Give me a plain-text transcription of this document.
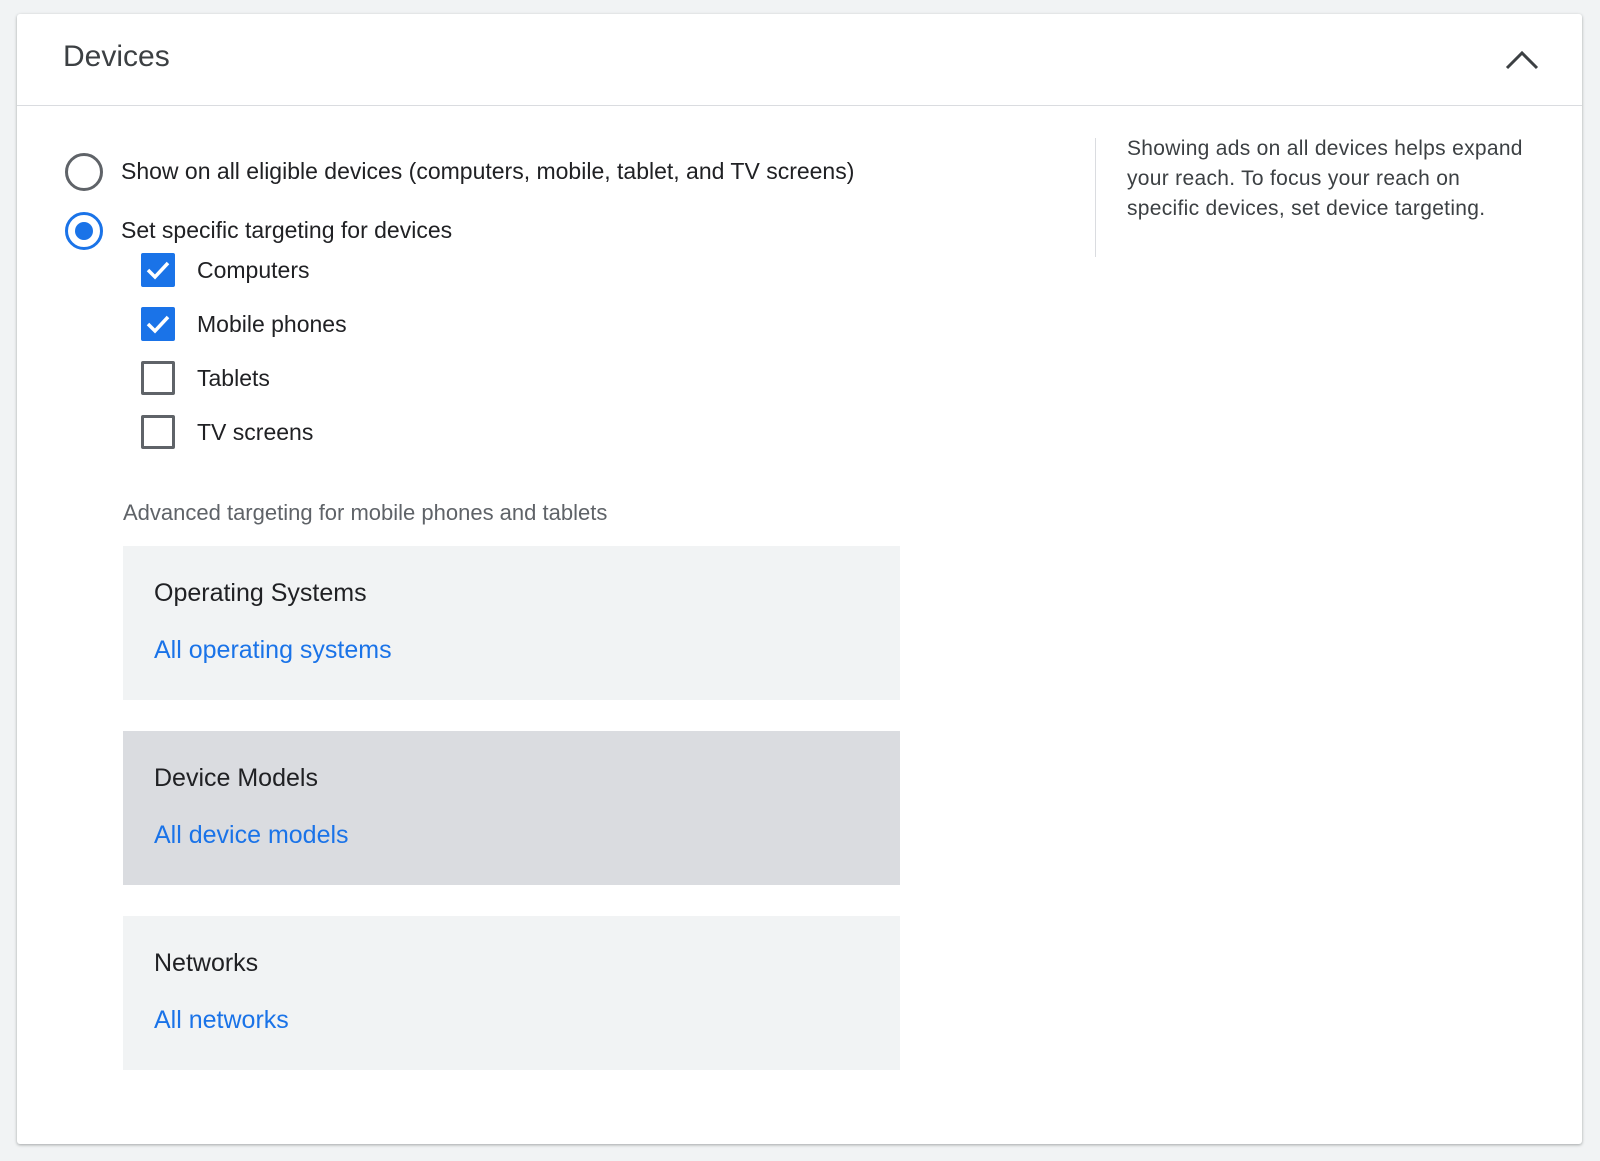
Devices
Show on all eligible devices (computers, mobile, tablet, and TV screens)
Set specific targeting for devices
Computers
Mobile phones
Tablets
TV screens
Advanced targeting for mobile phones and tablets
Operating Systems
All operating systems
Device Models
All device models
Networks
All networks
Showing ads on all devices helps expand your reach. To focus your reach on specific devices, set device targeting.
